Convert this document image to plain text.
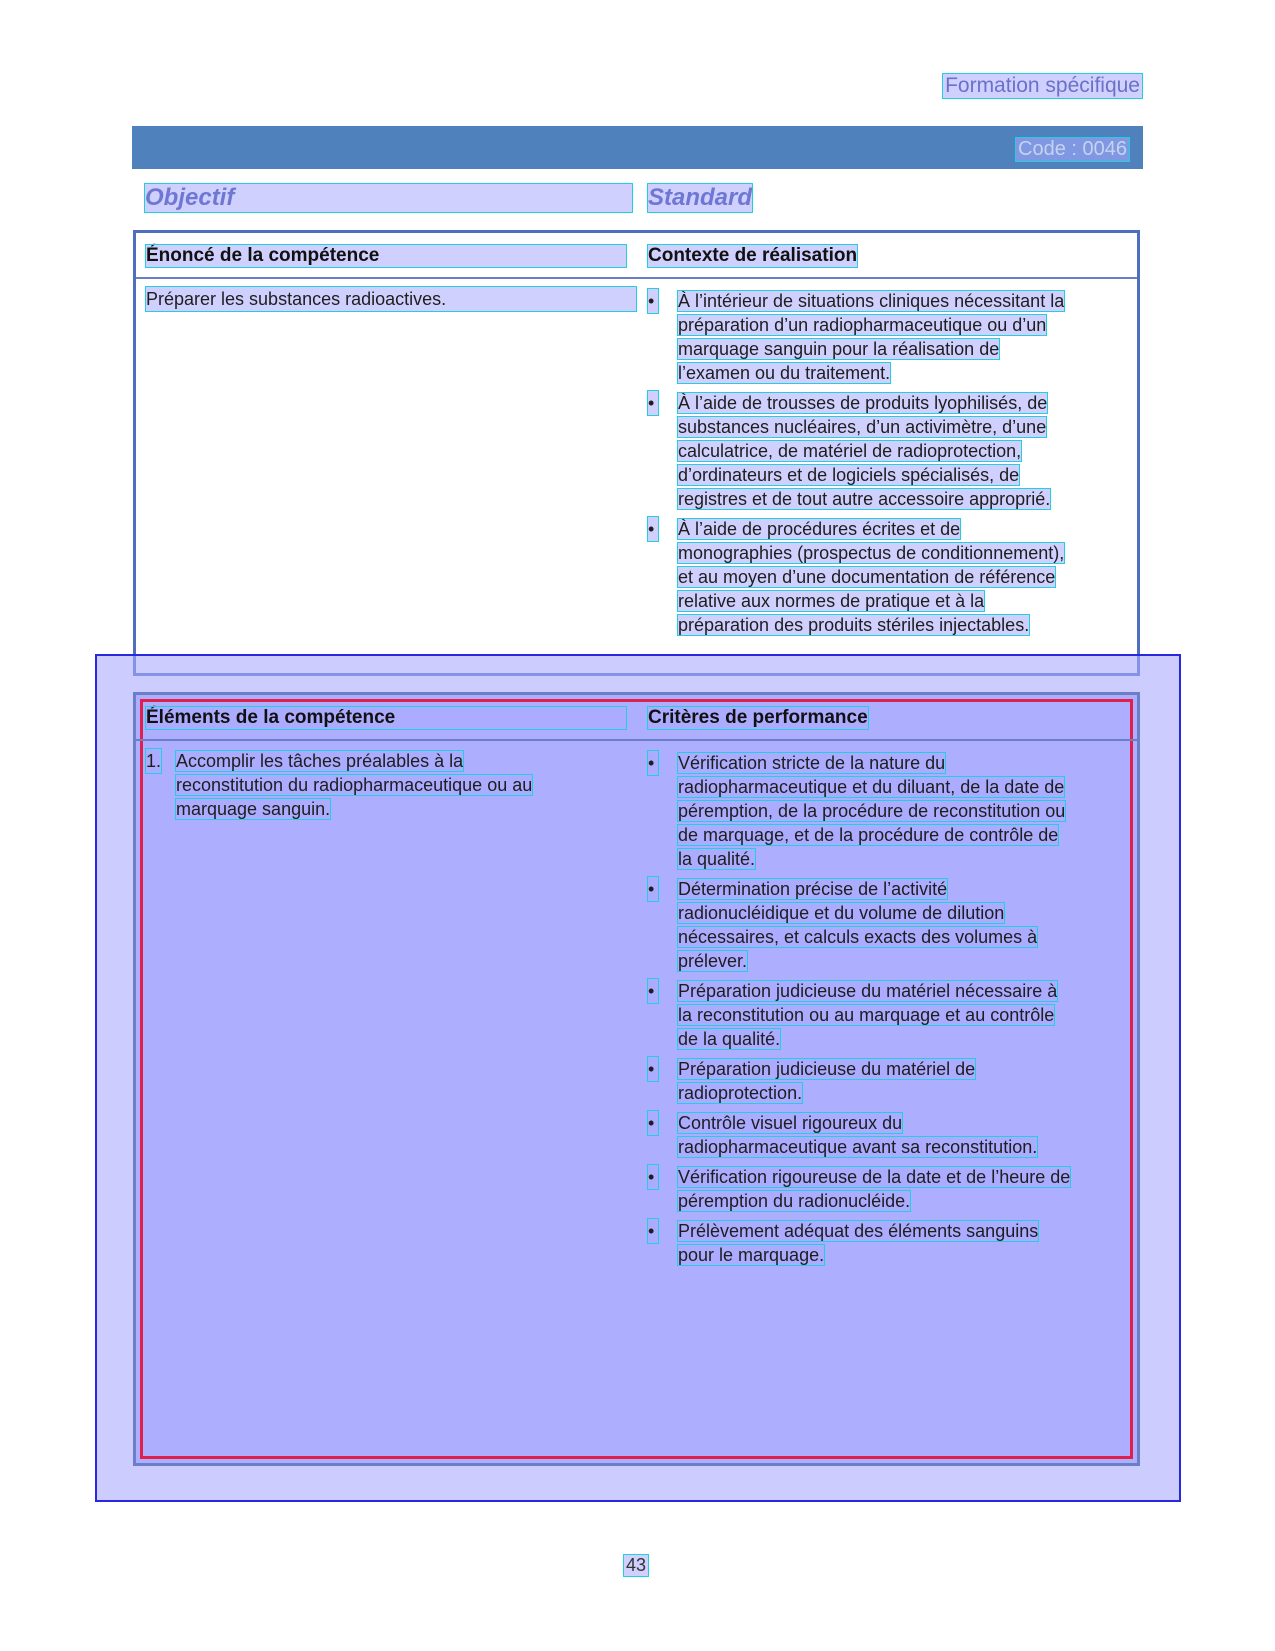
Formation spécifique
Code : 0046
Objectif	Standard
Énoncé de la compétence	Contexte de réalisation
Préparer les substances radioactives.	• À l’intérieur de situations cliniques nécessitant la
préparation d’un radiopharmaceutique ou d’un
marquage sanguin pour la réalisation de
l’examen ou du traitement.
• À l’aide de trousses de produits lyophilisés, de
substances nucléaires, d’un activimètre, d’une
calculatrice, de matériel de radioprotection,
d’ordinateurs et de logiciels spécialisés, de
registres et de tout autre accessoire approprié.
• À l’aide de procédures écrites et de
monographies (prospectus de conditionnement),
et au moyen d’une documentation de référence
relative aux normes de pratique et à la
préparation des produits stériles injectables.
Éléments de la compétence	Critères de performance
1. Accomplir les tâches préalables à la
reconstitution du radiopharmaceutique ou au
marquage sanguin.
• Vérification stricte de la nature du
radiopharmaceutique et du diluant, de la date de
péremption, de la procédure de reconstitution ou
de marquage, et de la procédure de contrôle de
la qualité.
• Détermination précise de l’activité
radionucléidique et du volume de dilution
nécessaires, et calculs exacts des volumes à
prélever.
• Préparation judicieuse du matériel nécessaire à
la reconstitution ou au marquage et au contrôle
de la qualité.
• Préparation judicieuse du matériel de
radioprotection.
• Contrôle visuel rigoureux du
radiopharmaceutique avant sa reconstitution.
• Vérification rigoureuse de la date et de l’heure de
péremption du radionucléide.
• Prélèvement adéquat des éléments sanguins
pour le marquage.
43
